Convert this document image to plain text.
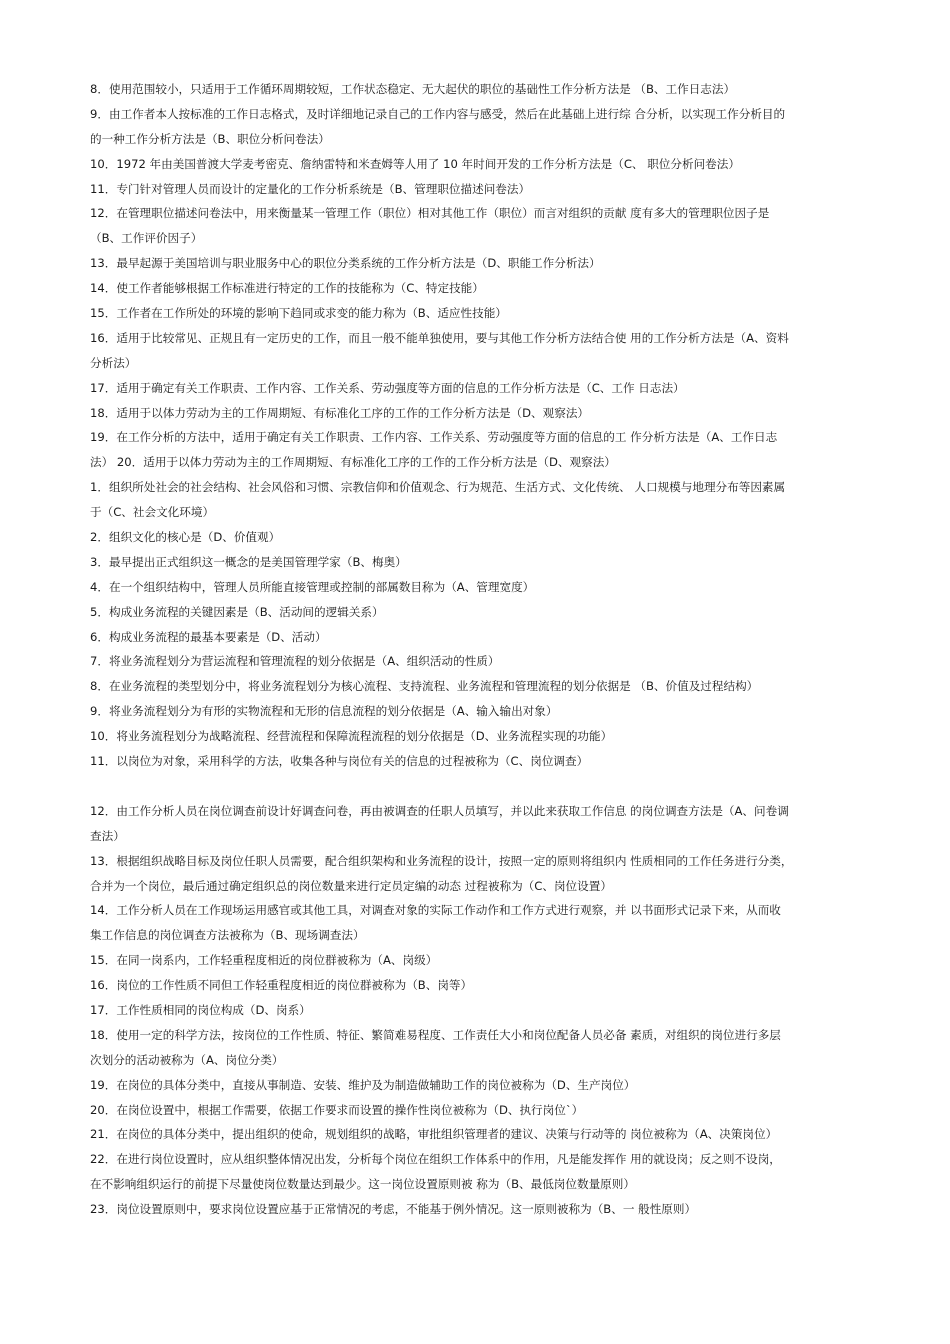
8．使用范围较小，只适用于工作循环周期较短，工作状态稳定、无大起伏的职位的基础性工作分析方法是 （B、工作日志法）
9．由工作者本人按标准的工作日志格式，及时详细地记录自己的工作内容与感受，然后在此基础上进行综 合分析，以实现工作分析目的
的一种工作分析方法是（B、职位分析问卷法）
10．1972 年由美国普渡大学麦考密克、詹纳雷特和米查姆等人用了 10 年时间开发的工作分析方法是（C、 职位分析问卷法）
11．专门针对管理人员而设计的定量化的工作分析系统是（B、管理职位描述问卷法）
12．在管理职位描述问卷法中，用来衡量某一管理工作（职位）相对其他工作（职位）而言对组织的贡献 度有多大的管理职位因子是
（B、工作评价因子）
13．最早起源于美国培训与职业服务中心的职位分类系统的工作分析方法是（D、职能工作分析法）
14．使工作者能够根据工作标准进行特定的工作的技能称为（C、特定技能）
15．工作者在工作所处的环境的影响下趋同或求变的能力称为（B、适应性技能）
16．适用于比较常见、正规且有一定历史的工作，而且一般不能单独使用，要与其他工作分析方法结合使 用的工作分析方法是（A、资料
分析法）
17．适用于确定有关工作职责、工作内容、工作关系、劳动强度等方面的信息的工作分析方法是（C、工作 日志法）
18．适用于以体力劳动为主的工作周期短、有标准化工序的工作的工作分析方法是（D、观察法）
19．在工作分析的方法中，适用于确定有关工作职责、工作内容、工作关系、劳动强度等方面的信息的工 作分析方法是（A、工作日志
法） 20．适用于以体力劳动为主的工作周期短、有标准化工序的工作的工作分析方法是（D、观察法）
1．组织所处社会的社会结构、社会风俗和习惯、宗教信仰和价值观念、行为规范、生活方式、文化传统、 人口规模与地理分布等因素属
于（C、社会文化环境）
2．组织文化的核心是（D、价值观）
3．最早提出正式组织这一概念的是美国管理学家（B、梅奥）
4．在一个组织结构中，管理人员所能直接管理或控制的部属数目称为（A、管理宽度）
5．构成业务流程的关键因素是（B、活动间的逻辑关系）
6．构成业务流程的最基本要素是（D、活动）
7．将业务流程划分为营运流程和管理流程的划分依据是（A、组织活动的性质）
8．在业务流程的类型划分中，将业务流程划分为核心流程、支持流程、业务流程和管理流程的划分依据是 （B、价值及过程结构）
9．将业务流程划分为有形的实物流程和无形的信息流程的划分依据是（A、输入输出对象）
10．将业务流程划分为战略流程、经营流程和保障流程流程的划分依据是（D、业务流程实现的功能）
11．以岗位为对象，采用科学的方法，收集各种与岗位有关的信息的过程被称为（C、岗位调查）
12．由工作分析人员在岗位调查前设计好调查问卷，再由被调查的任职人员填写，并以此来获取工作信息 的岗位调查方法是（A、问卷调
查法）
13．根据组织战略目标及岗位任职人员需要，配合组织架构和业务流程的设计，按照一定的原则将组织内 性质相同的工作任务进行分类，
合并为一个岗位，最后通过确定组织总的岗位数量来进行定员定编的动态 过程被称为（C、岗位设置）
14．工作分析人员在工作现场运用感官或其他工具，对调查对象的实际工作动作和工作方式进行观察，并 以书面形式记录下来，从而收
集工作信息的岗位调查方法被称为（B、现场调查法）
15．在同一岗系内，工作轻重程度相近的岗位群被称为（A、岗级）
16．岗位的工作性质不同但工作轻重程度相近的岗位群被称为（B、岗等）
17．工作性质相同的岗位构成（D、岗系）
18．使用一定的科学方法，按岗位的工作性质、特征、繁简难易程度、工作责任大小和岗位配备人员必备 素质，对组织的岗位进行多层
次划分的活动被称为（A、岗位分类）
19．在岗位的具体分类中，直接从事制造、安装、维护及为制造做辅助工作的岗位被称为（D、生产岗位）
20．在岗位设置中，根据工作需要，依据工作要求而设置的操作性岗位被称为（D、执行岗位`）
21．在岗位的具体分类中，提出组织的使命，规划组织的战略，审批组织管理者的建议、决策与行动等的 岗位被称为（A、决策岗位）
22．在进行岗位设置时，应从组织整体情况出发，分析每个岗位在组织工作体系中的作用，凡是能发挥作 用的就设岗；反之则不设岗，
在不影响组织运行的前提下尽量使岗位数量达到最少。这一岗位设置原则被 称为（B、最低岗位数量原则）
23．岗位设置原则中，要求岗位设置应基于正常情况的考虑，不能基于例外情况。这一原则被称为（B、一 般性原则）
